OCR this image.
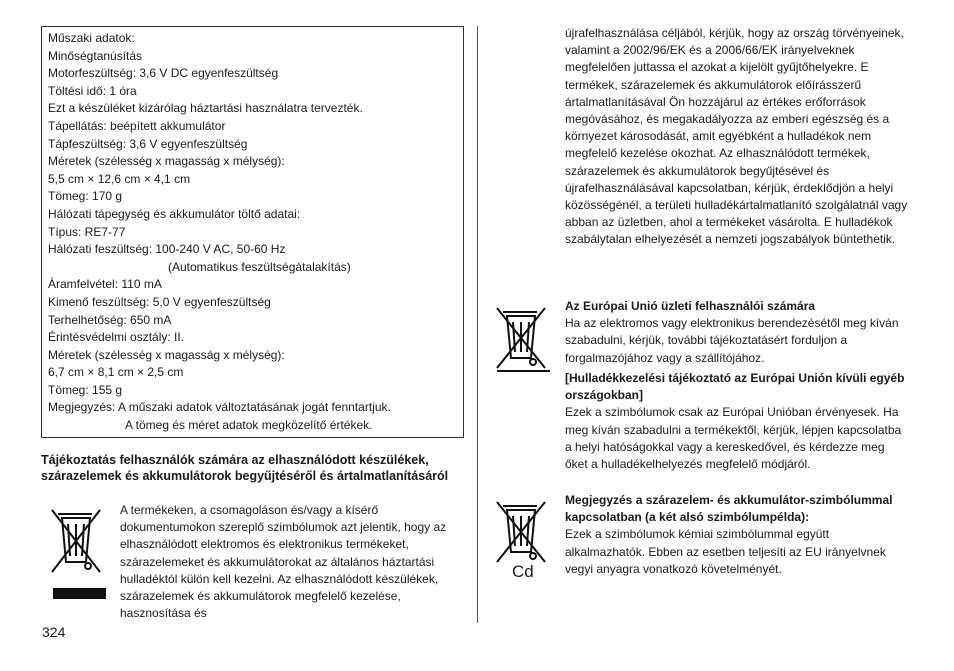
Műszaki adatok:
Minőségtanúsítás
Motorfeszültség: 3,6 V DC egyenfeszültség
Töltési idő: 1 óra
Ezt a készüléket kizárólag háztartási használatra tervezték.
Tápellátás: beépített akkumulátor
Tápfeszültség: 3,6 V egyenfeszültség
Méretek (szélesség x magasság x mélység):
5,5 cm × 12,6 cm × 4,1 cm
Tömeg: 170 g
Hálózati tápegység és akkumulátor töltő adatai:
Típus: RE7-77
Hálózati feszültség: 100-240 V AC, 50-60 Hz
(Automatikus feszültségátalakítás)
Áramfelvétel: 110 mA
Kimenő feszültség: 5,0 V egyenfeszültség
Terhelhetőség: 650 mA
Érintésvédelmi osztály: II.
Méretek (szélesség x magasság x mélység):
6,7 cm × 8,1 cm × 2,5 cm
Tömeg: 155 g
Megjegyzés: A műszaki adatok változtatásának jogát fenntartjuk.
A tömeg és méret adatok megközelítő értékek.
Tájékoztatás felhasználók számára az elhasználódott készülékek, szárazelemek és akkumulátorok begyűjtéséről és ártalmatlanításáról
A termékeken, a csomagoláson és/vagy a kísérő dokumentumokon szereplő szimbólumok azt jelentik, hogy az elhasználódott elektromos és elektronikus termékeket, szárazelemeket és akkumulátorokat az általános háztartási hulladéktól külön kell kezelni. Az elhasználódott készülékek, szárazelemek és akkumulátorok megfelelő kezelése, hasznosítása és
324
újrafelhasználása céljából, kérjük, hogy az ország törvényeinek, valamint a 2002/96/EK és a 2006/66/EK irányelveknek megfelelően juttassa el azokat a kijelölt gyűjtőhelyekre. E termékek, szárazelemek és akkumulátorok előírásszerű ártalmatlanításával Ön hozzájárul az értékes erőforrások megóvásához, és megakadályozza az emberi egészség és a környezet károsodását, amit egyébként a hulladékok nem megfelelő kezelése okozhat. Az elhasználódott termékek, szárazelemek és akkumulátorok begyűjtésével és újrafelhasználásával kapcsolatban, kérjük, érdeklődjön a helyi közösségénél, a területi hulladékártalmatlanító szolgálatnál vagy abban az üzletben, ahol a termékeket vásárolta. E hulladékok szabálytalan elhelyezését a nemzeti jogszabályok büntethetik.
Az Európai Unió üzleti felhasználói számára
Ha az elektromos vagy elektronikus berendezésétől meg kíván szabadulni, kérjük, további tájékoztatásért forduljon a forgalmazójához vagy a szállítójához.
[Hulladékkezelési tájékoztató az Európai Unión kívüli egyéb országokban]
Ezek a szimbólumok csak az Európai Unióban érvényesek. Ha meg kíván szabadulni a termékektől, kérjük, lépjen kapcsolatba a helyi hatóságokkal vagy a kereskedővel, és kérdezze meg őket a hulladékelhelyezés megfelelő módjáról.
Cd
Megjegyzés a szárazelem- és akkumulátor-szimbólummal kapcsolatban (a két alsó szimbólumpélda):
Ezek a szimbólumok kémiai szimbólummal együtt alkalmazhatók. Ebben az esetben teljesíti az EU irányelvnek vegyi anyagra vonatkozó követelményét.
